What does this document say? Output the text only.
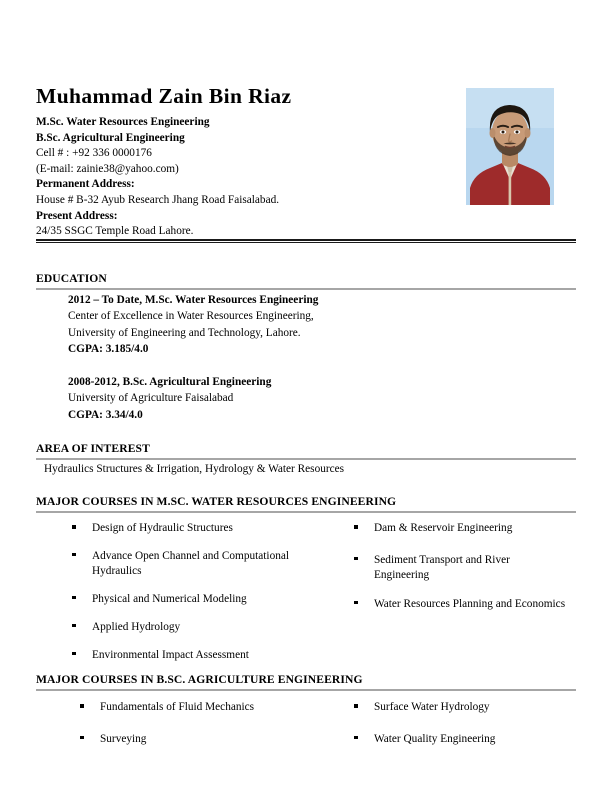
Muhammad Zain Bin Riaz
M.Sc. Water Resources Engineering
B.Sc. Agricultural Engineering
Cell # : +92 336 0000176
(E-mail: zainie38@yahoo.com)
Permanent Address:
House # B-32 Ayub Research Jhang Road Faisalabad.
Present Address:
24/35 SSGC Temple Road Lahore.
EDUCATION
2012 – To Date, M.Sc. Water Resources Engineering
Center of Excellence in Water Resources Engineering,
University of Engineering and Technology, Lahore.
CGPA: 3.185/4.0
2008-2012, B.Sc. Agricultural Engineering
University of Agriculture Faisalabad
CGPA: 3.34/4.0
AREA OF INTEREST
Hydraulics Structures & Irrigation, Hydrology & Water Resources
MAJOR COURSES IN M.SC. WATER RESOURCES ENGINEERING
Design of Hydraulic Structures
Advance Open Channel and Computational Hydraulics
Physical and Numerical Modeling
Applied Hydrology
Environmental Impact Assessment
Dam & Reservoir Engineering
Sediment Transport and River Engineering
Water Resources Planning and Economics
MAJOR COURSES IN B.SC. AGRICULTURE ENGINEERING
Fundamentals of Fluid Mechanics
Surveying
Surface Water Hydrology
Water Quality Engineering
